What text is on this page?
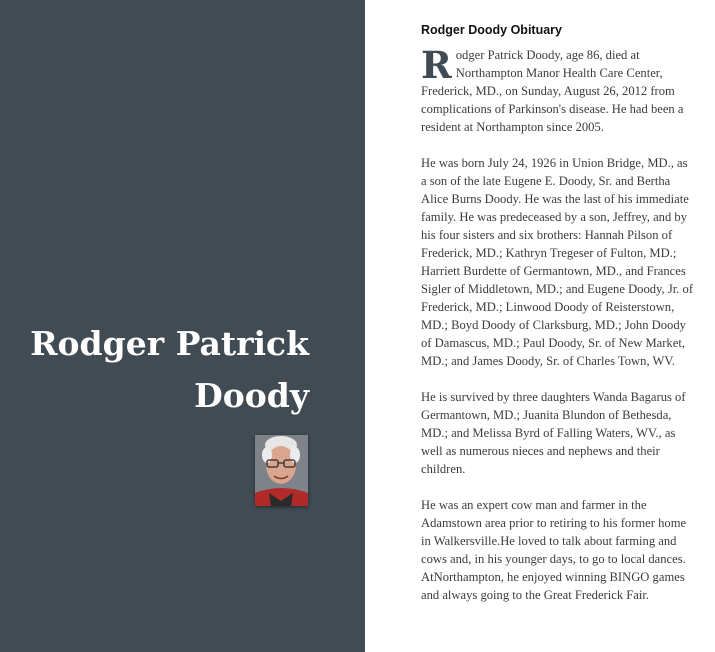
Rodger Patrick
Doody
Rodger Doody Obituary

Rodger Patrick Doody, age 86, died at Northampton Manor Health Care Center, Frederick, MD., on Sunday, August 26, 2012 from complications of Parkinson's disease. He had been a resident at Northampton since 2005.

He was born July 24, 1926 in Union Bridge, MD., as a son of the late Eugene E. Doody, Sr. and Bertha Alice Burns Doody. He was the last of his immediate family. He was predeceased by a son, Jeffrey, and by his four sisters and six brothers: Hannah Pilson of Frederick, MD.; Kathryn Tregeser of Fulton, MD.; Harriett Burdette of Germantown, MD., and Frances Sigler of Middletown, MD.; and Eugene Doody, Jr. of Frederick, MD.; Linwood Doody of Reisterstown, MD.; Boyd Doody of Clarksburg, MD.; John Doody of Damascus, MD.; Paul Doody, Sr. of New Market, MD.; and James Doody, Sr. of Charles Town, WV.

He is survived by three daughters Wanda Bagarus of Germantown, MD.; Juanita Blundon of Bethesda, MD.; and Melissa Byrd of Falling Waters, WV., as well as numerous nieces and nephews and their children.

He was an expert cow man and farmer in the Adamstown area prior to retiring to his former home in Walkersville.He loved to talk about farming and cows and, in his younger days, to go to local dances. AtNorthampton, he enjoyed winning BINGO games and always going to the Great Frederick Fair.
